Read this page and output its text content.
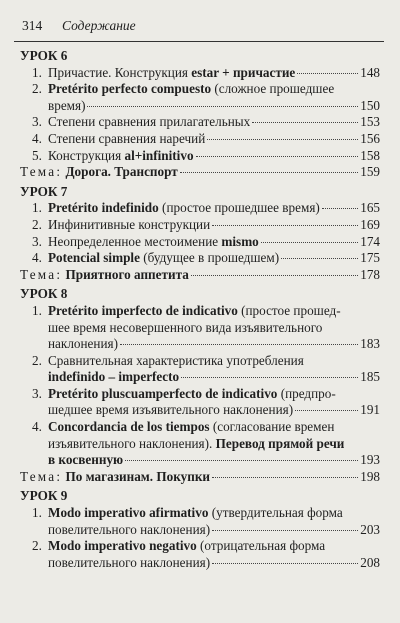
314 Содержание
УРОК 6
1. Причастие. Конструкция estar + причастие	148
2. Pretérito perfecto compuesto (сложное прошедшее
время)	150
3. Степени сравнения прилагательных	153
4. Степени сравнения наречий	156
5. Конструкция al+infinitivo	158
Тема: Дорога. Транспорт	159
УРОК 7
1. Pretérito indefinido (простое прошедшее время)	165
2. Инфинитивные конструкции	169
3. Неопределенное местоимение mismo	174
4. Potencial simple (будущее в прошедшем)	175
Тема: Приятного аппетита	178
УРОК 8
1. Pretérito imperfecto de indicativo (простое прошед-
шее время несовершенного вида изъявительного
наклонения)	183
2. Сравнительная характеристика употребления
indefinido – imperfecto	185
3. Pretérito pluscuamperfecto de indicativo (предпро-
шедшее время изъявительного наклонения)	191
4. Concordancia de los tiempos (согласование времен
изъявительного наклонения). Перевод прямой речи
в косвенную	193
Тема: По магазинам. Покупки	198
УРОК 9
1. Modo imperativo afirmativo (утвердительная форма
повелительного наклонения)	203
2. Modo imperativo negativo (отрицательная форма
повелительного наклонения)	208
